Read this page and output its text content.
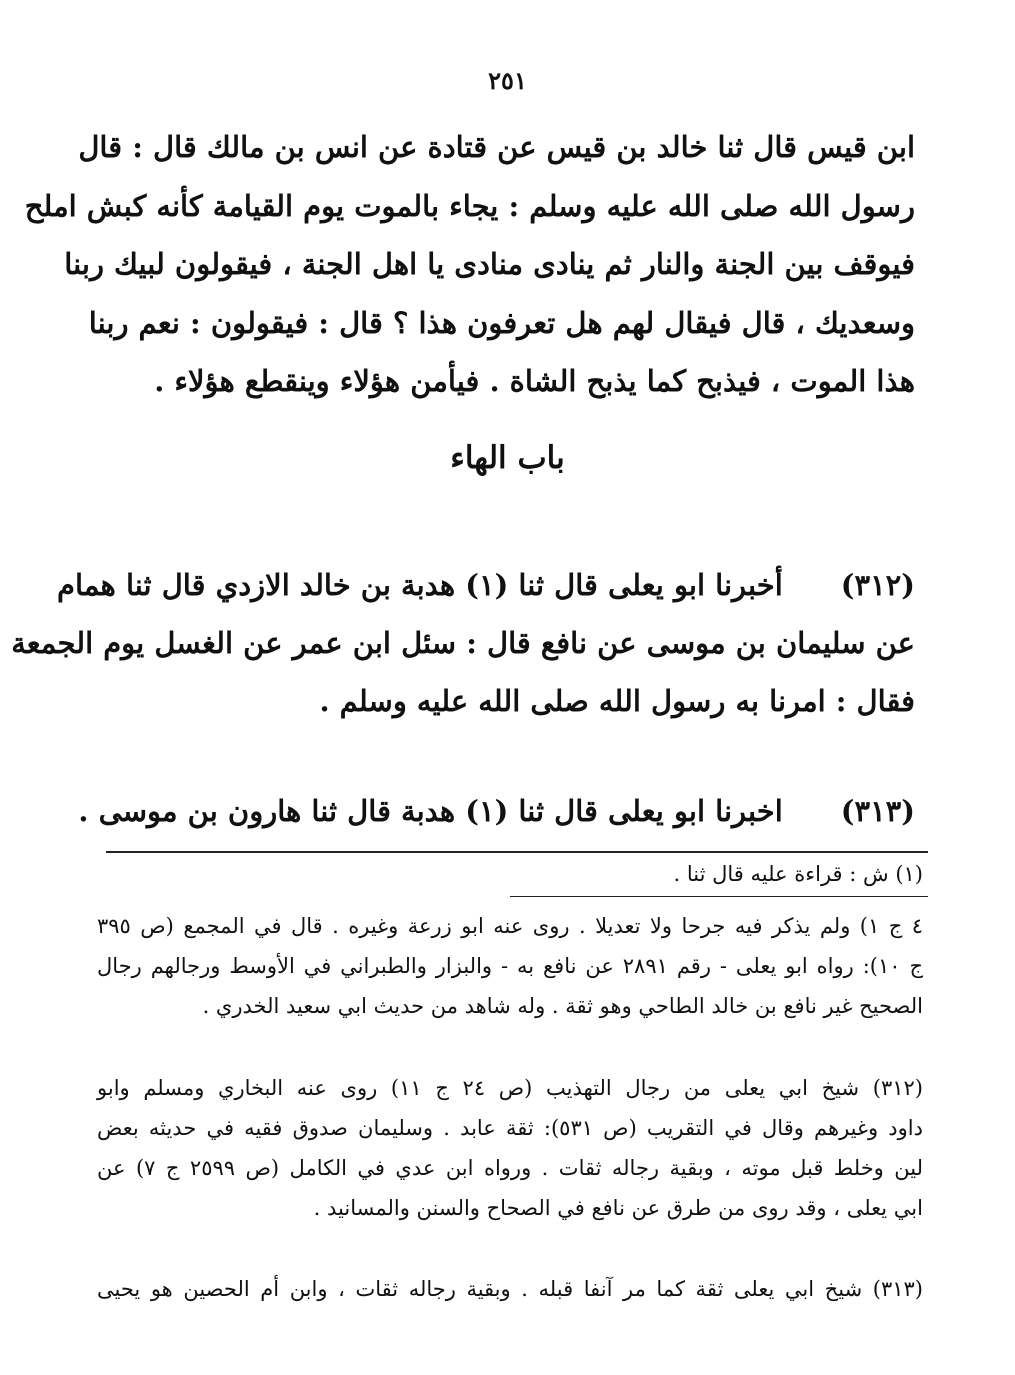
٢٥١
ابن قيس قال ثنا خالد بن قيس عن قتادة عن انس بن مالك قال : قال
رسول الله صلى الله عليه وسلم : يجاء بالموت يوم القيامة كأنه كبش املح
فيوقف بين الجنة والنار ثم ينادى منادى يا اهل الجنة ، فيقولون لبيك ربنا
وسعديك ، قال فيقال لهم هل تعرفون هذا ؟ قال : فيقولون : نعم ربنا
هذا الموت ، فيذبح كما يذبح الشاة . فيأمن هؤلاء وينقطع هؤلاء .
باب الهاء
(٣١٢)أخبرنا ابو يعلى قال ثنا (١) هدبة بن خالد الازدي قال ثنا همام
عن سليمان بن موسى عن نافع قال : سئل ابن عمر عن الغسل يوم الجمعة
فقال : امرنا به رسول الله صلى الله عليه وسلم .
(٣١٣)اخبرنا ابو يعلى قال ثنا (١) هدبة قال ثنا هارون بن موسى .
(١) ش : قراءة عليه قال ثنا .
٤ ج ١) ولم يذكر فيه جرحا ولا تعديلا . روى عنه ابو زرعة وغيره . قال في المجمع (ص ٣٩٥
ج ١٠): رواه ابو يعلى - رقم ٢٨٩١ عن نافع به - والبزار والطبراني في الأوسط ورجالهم رجال
الصحيح غير نافع بن خالد الطاحي وهو ثقة . وله شاهد من حديث ابي سعيد الخدري .
(٣١٢) شيخ ابي يعلى من رجال التهذيب (ص ٢٤ ج ١١) روى عنه البخاري ومسلم وابو
داود وغيرهم وقال في التقريب (ص ٥٣١): ثقة عابد . وسليمان صدوق فقيه في حديثه بعض
لين وخلط قبل موته ، وبقية رجاله ثقات . ورواه ابن عدي في الكامل (ص ٢٥٩٩ ج ٧) عن
ابي يعلى ، وقد روى من طرق عن نافع في الصحاح والسنن والمسانيد .
(٣١٣) شيخ ابي يعلى ثقة كما مر آنفا قبله . وبقية رجاله ثقات ، وابن أم الحصين هو يحيى
